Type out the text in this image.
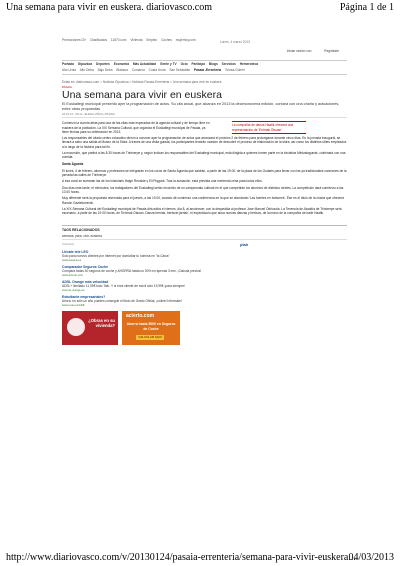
Una semana para vivir en euskera. diariovasco.com	Página 1 de 1
Promociones DV Clasificados 11870.com Vivienda Empleo Coches mujerhoy.com	Lunes, 4 marzo 2013
Iniciar sesión con	Regístrate
Portada Gipuzkoa Deportes Economía Más Actualidad Gente y TV Ocio Participa Blogs Servicios Hemeroteca
Alto Urola Alto Deba Bajo Deba Bidasoa Comarca Costa Urola San Sebastián Pasaia -Errenteria Tolosa-Goierri
Estás en: diariovasco.com > Noticias Gipuzkoa > Noticias Pasaia-Errenteria > Una semana para vivir en euskera
PASAIA
Una semana para vivir en euskera
El Euskaltegi municipal presentó ayer la programación de actos. Su cita anual, que alcanza en 2013 la decimonovena edición, contará con una charla y actuaciones, entre otras propuestas
24.01.13 - 00:11 - ELENA VIÑAS | PASAIA
Comenzó la cuenta atrás para una de las citas más esperadas de la agenda cultural y de tiempo libre en euskera de la población. La XIX Semana Cultural, que organiza el Euskaltegi municipal de Pasaia, ya tiene fechas para su celebración en 2013.
La compañía de danza Haatik ofrecerá una representación de 'Errimak Otsoan'

Los responsables del citado centro educativo dieron a conocer ayer la programación de actos que arrancará el próximo 2 de febrero para prolongarse durante cinco días. En la jornada inaugural, se llevará a cabo una salida al Museo de la Sidra. A través de una visita guiada, los participantes tendrán ocasión de descubrir el proceso de elaboración de la sidra, así como los distintos útiles empleados a lo largo de la historia para tal fin.

La excursión, que partirá a las 8.30 horas de Trintxerpe y, según indican los responsables del Euskaltegi municipal, está dirigida a quienes tomen parte en la iniciativa Mintzalagunak, culminará con una comida.

Santa Águeda

El lunes, 4 de febrero, alumnos y profesores se integrarán en los coros de Santa Águeda que saldrán, a partir de las 19.00, de la plaza de los Gudaris para llevar con las ya tradicionales canciones de la jornada las calles de Trintxerpe.

A esa coral se sumarán las de los txistularis Haigri Recalde y Eli Piqgorà. Tras la actuación, está prevista una merienda cena para todos ellos.

Dos días más tarde, el miércoles, los trabajadores del Euskaltegi serán recorrido de un campeonato cultural en el que competirán los alumnos de distintos niveles. La competición dará comienzo a las 10.00 horas.

Muy diferente será la propuesta reservada para el jueves, a las 19.00, cuando dé comienzo una conferencia en la que se abordarán 'Las fuentes en bolsones'. Ése es el título de la charla que ofrecerá Ramón Gaztelumendi.

La XIX Semana Cultural del Euskaltegi municipal de Pasaia dirá adiós el viernes, día 8, al anochecer, con la despedida al profesor Jose Manuel Odriozola. La Tenencia de Alcaldía de Trintxerpe será escenario, a partir de las 19.00 horas, de 'Errimak Otsoan. Danza berriak, bertsoei jarriak', el espectáculo que aúna nuevas danzas y bertsos, de la mano de la compañía de baile Haatik.

TAGS RELACIONADOS
semana, para, vivir, euskera
Publicidad	plah
Llévate tele LEO
Solo para nuevos clientes por Internet por domiciliar tu nómina en "la Caixa"
www.lacaixa.es
Comparador Seguros Coche
Compara todas 30 seguros de coche y AHORRA hasta un 50% en apenas 3 min. ¡Calcula precios!
www.acierto.com
ADSL Orange más velocidad
ADSL+ Ilimitado 11,99€ todo Tafu. Y si eres cliente de móvil sólo 19,99€ ¡para siempre!
internet.orange.es
Estudiante empresariales?
Ahora, en sólo un año puedes conseguir el título de Grado Oficial, ¡online! Infórmate!
www.ucav.es/ADE
¿Obras en su vivienda?
acierto.com
Ahorra hasta 500€ en Seguros de Coche
CALCULAR AQUÍ
http://www.diariovasco.com/v/20130124/pasaia-errenteria/semana-para-vivir-euskera...
04/03/2013
